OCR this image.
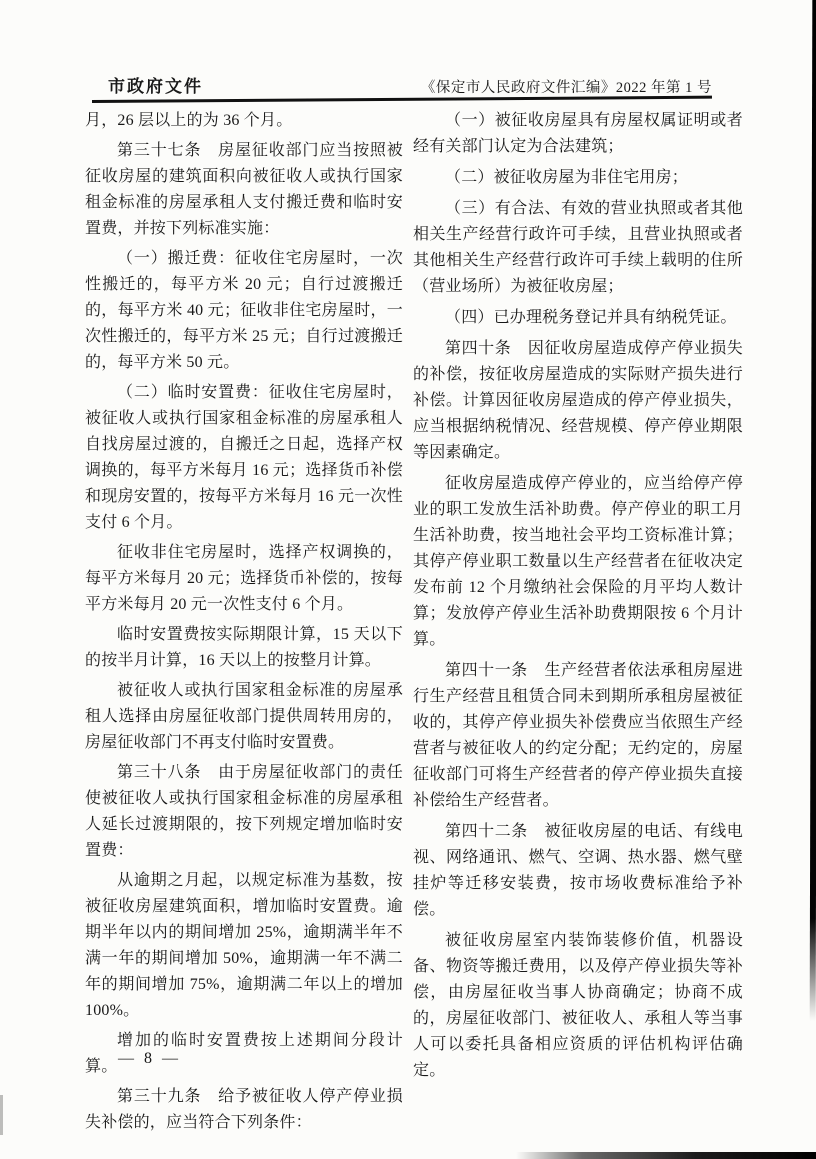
市政府文件	《保定市人民政府文件汇编》2022 年第 1 号

月，26 层以上的为 36 个月。

第三十七条　房屋征收部门应当按照被征收房屋的建筑面积向被征收人或执行国家租金标准的房屋承租人支付搬迁费和临时安置费，并按下列标准实施：

（一）搬迁费：征收住宅房屋时，一次性搬迁的，每平方米 20 元；自行过渡搬迁的，每平方米 40 元；征收非住宅房屋时，一次性搬迁的，每平方米 25 元；自行过渡搬迁的，每平方米 50 元。

（二）临时安置费：征收住宅房屋时，被征收人或执行国家租金标准的房屋承租人自找房屋过渡的，自搬迁之日起，选择产权调换的，每平方米每月 16 元；选择货币补偿和现房安置的，按每平方米每月 16 元一次性支付 6 个月。

征收非住宅房屋时，选择产权调换的，每平方米每月 20 元；选择货币补偿的，按每平方米每月 20 元一次性支付 6 个月。

临时安置费按实际期限计算，15 天以下的按半月计算，16 天以上的按整月计算。

被征收人或执行国家租金标准的房屋承租人选择由房屋征收部门提供周转用房的，房屋征收部门不再支付临时安置费。

第三十八条　由于房屋征收部门的责任使被征收人或执行国家租金标准的房屋承租人延长过渡期限的，按下列规定增加临时安置费：

从逾期之月起，以规定标准为基数，按被征收房屋建筑面积，增加临时安置费。逾期半年以内的期间增加 25%，逾期满半年不满一年的期间增加 50%，逾期满一年不满二年的期间增加 75%，逾期满二年以上的增加 100%。

增加的临时安置费按上述期间分段计算。

第三十九条　给予被征收人停产停业损失补偿的，应当符合下列条件：

（一）被征收房屋具有房屋权属证明或者经有关部门认定为合法建筑；

（二）被征收房屋为非住宅用房；

（三）有合法、有效的营业执照或者其他相关生产经营行政许可手续，且营业执照或者其他相关生产经营行政许可手续上载明的住所（营业场所）为被征收房屋；

（四）已办理税务登记并具有纳税凭证。

第四十条　因征收房屋造成停产停业损失的补偿，按征收房屋造成的实际财产损失进行补偿。计算因征收房屋造成的停产停业损失，应当根据纳税情况、经营规模、停产停业期限等因素确定。

征收房屋造成停产停业的，应当给停产停业的职工发放生活补助费。停产停业的职工月生活补助费，按当地社会平均工资标准计算；其停产停业职工数量以生产经营者在征收决定发布前 12 个月缴纳社会保险的月平均人数计算；发放停产停业生活补助费期限按 6 个月计算。

第四十一条　生产经营者依法承租房屋进行生产经营且租赁合同未到期所承租房屋被征收的，其停产停业损失补偿费应当依照生产经营者与被征收人的约定分配；无约定的，房屋征收部门可将生产经营者的停产停业损失直接补偿给生产经营者。

第四十二条　被征收房屋的电话、有线电视、网络通讯、燃气、空调、热水器、燃气壁挂炉等迁移安装费，按市场收费标准给予补偿。

被征收房屋室内装饰装修价值，机器设备、物资等搬迁费用，以及停产停业损失等补偿，由房屋征收当事人协商确定；协商不成的，房屋征收部门、被征收人、承租人等当事人可以委托具备相应资质的评估机构评估确定。

— 8 —
